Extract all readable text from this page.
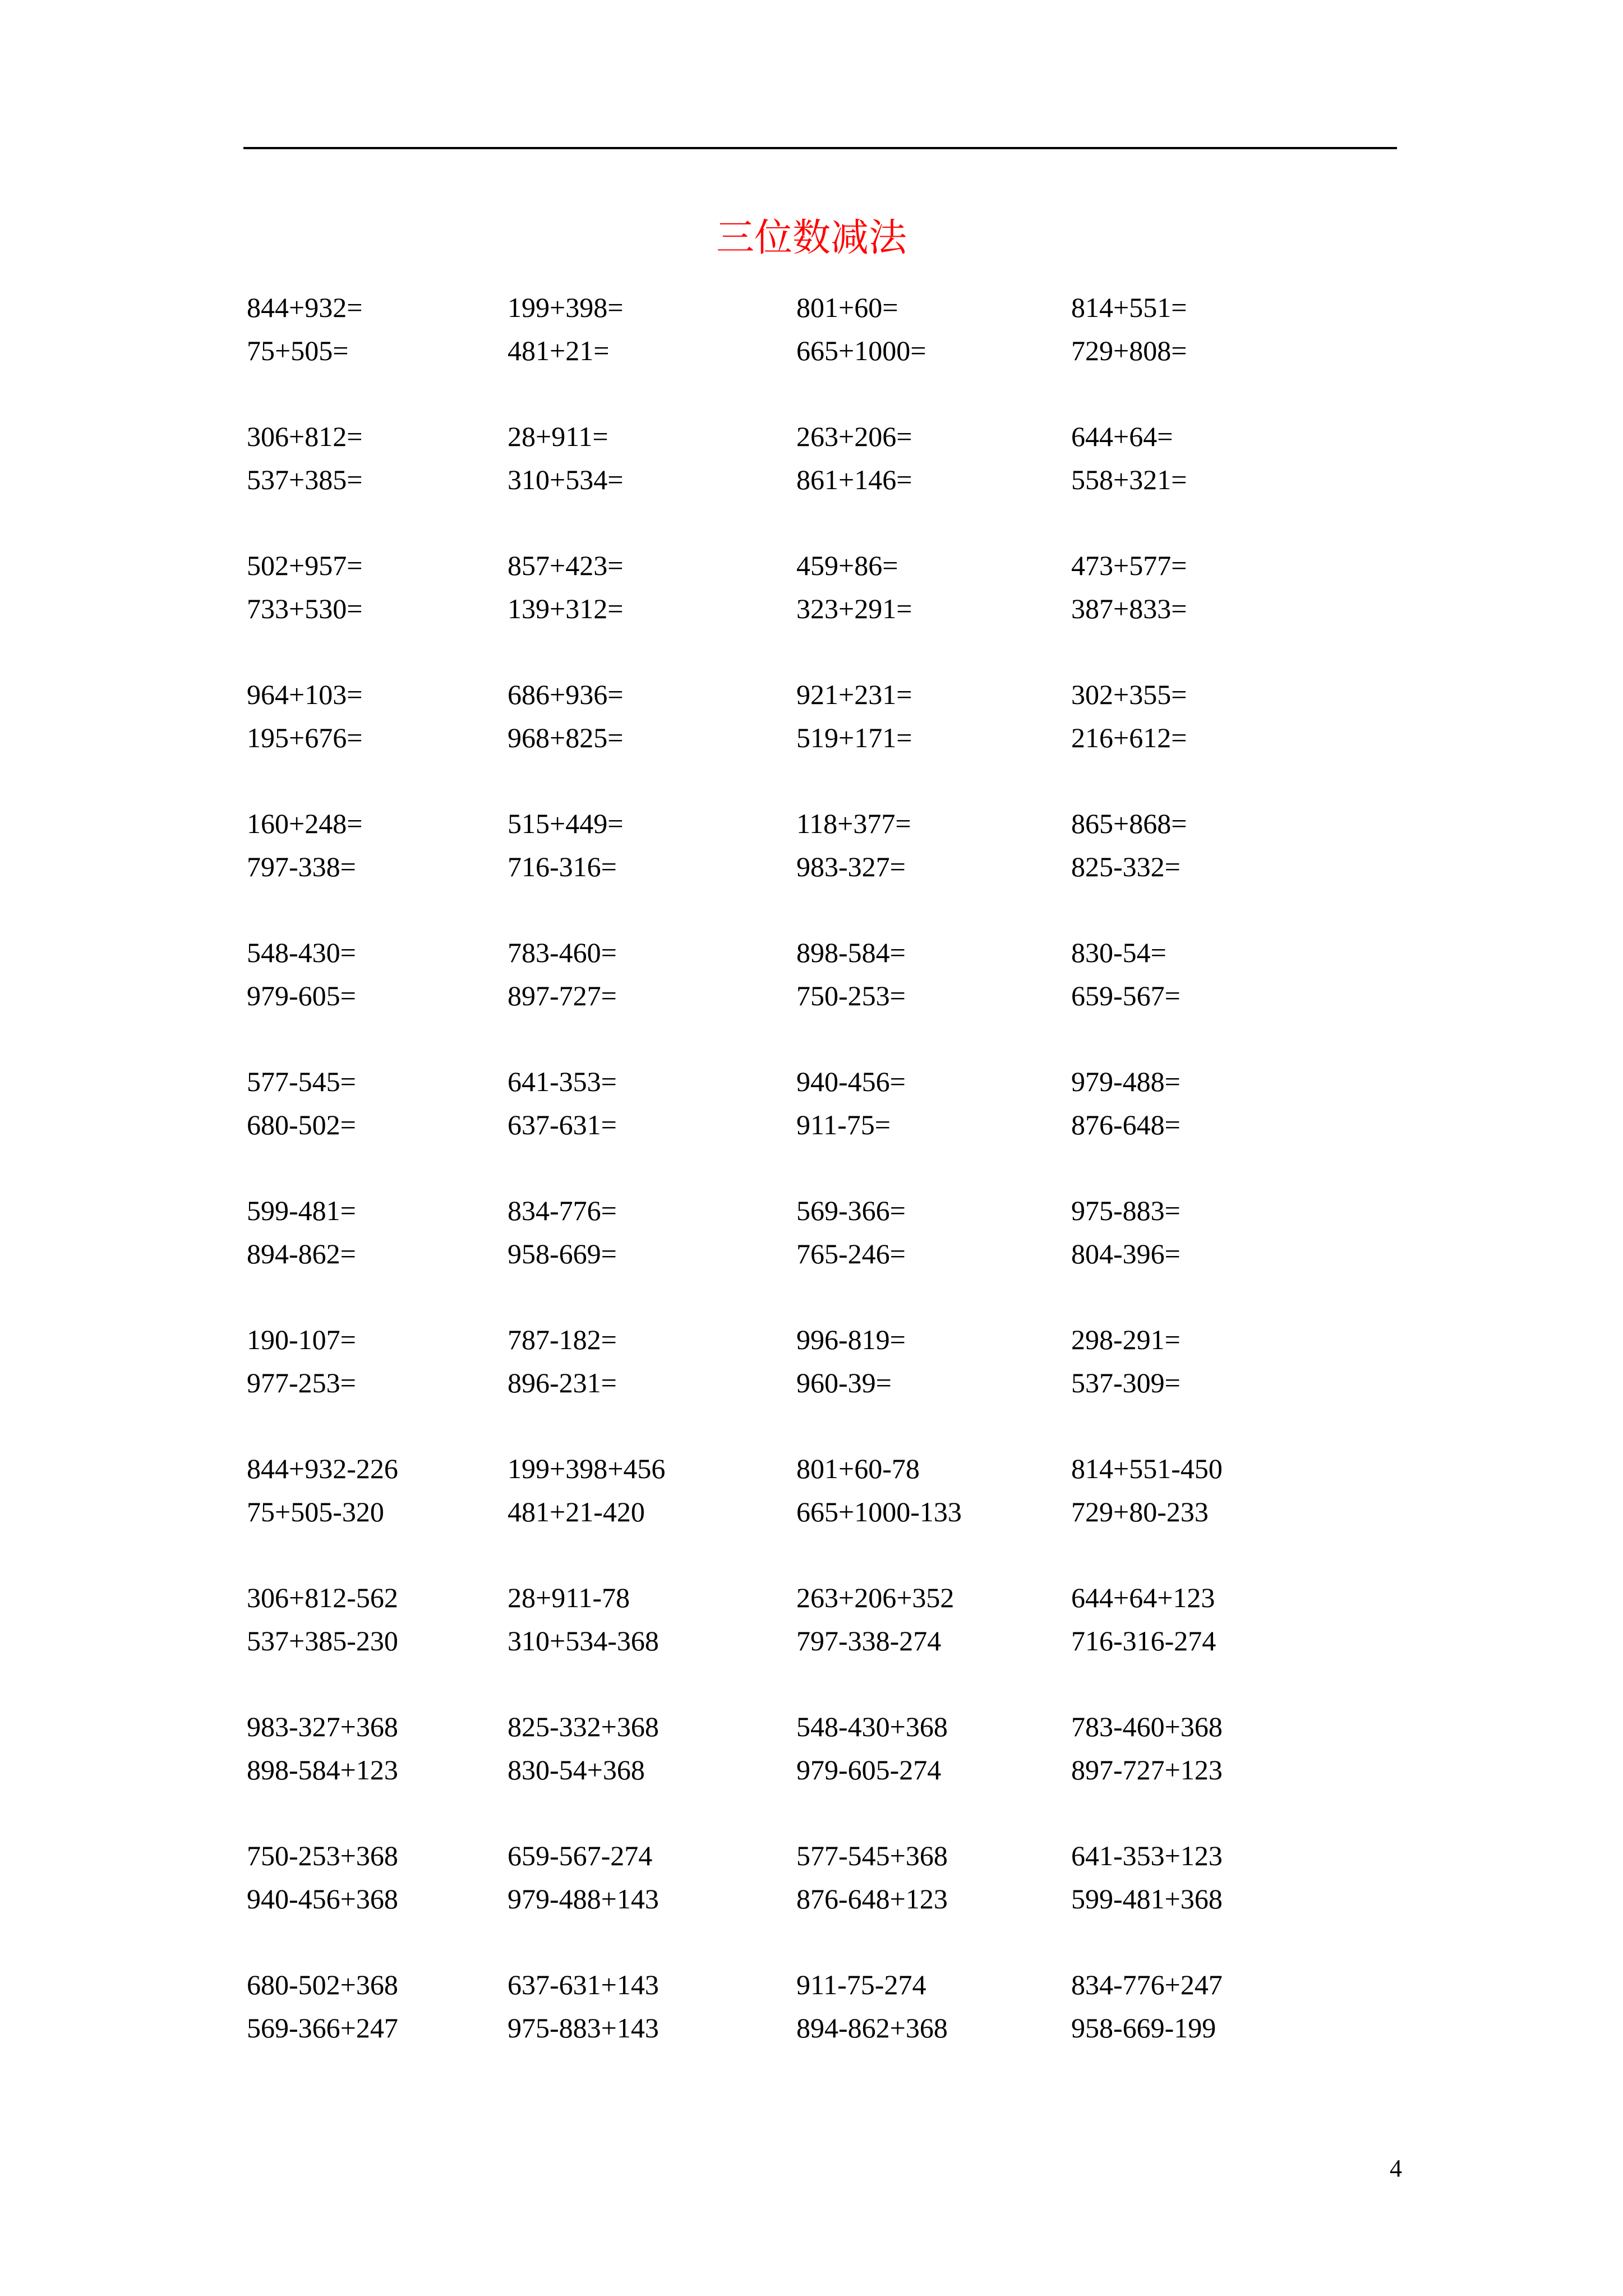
三位数减法
844+932=	199+398=	801+60=	814+551=
75+505=	481+21=	665+1000=	729+808=
306+812=	28+911=	263+206=	644+64=
537+385=	310+534=	861+146=	558+321=
502+957=	857+423=	459+86=	473+577=
733+530=	139+312=	323+291=	387+833=
964+103=	686+936=	921+231=	302+355=
195+676=	968+825=	519+171=	216+612=
160+248=	515+449=	118+377=	865+868=
797-338=	716-316=	983-327=	825-332=
548-430=	783-460=	898-584=	830-54=
979-605=	897-727=	750-253=	659-567=
577-545=	641-353=	940-456=	979-488=
680-502=	637-631=	911-75=	876-648=
599-481=	834-776=	569-366=	975-883=
894-862=	958-669=	765-246=	804-396=
190-107=	787-182=	996-819=	298-291=
977-253=	896-231=	960-39=	537-309=
844+932-226	199+398+456	801+60-78	814+551-450
75+505-320	481+21-420	665+1000-133	729+80-233
306+812-562	28+911-78	263+206+352	644+64+123
537+385-230	310+534-368	797-338-274	716-316-274
983-327+368	825-332+368	548-430+368	783-460+368
898-584+123	830-54+368	979-605-274	897-727+123
750-253+368	659-567-274	577-545+368	641-353+123
940-456+368	979-488+143	876-648+123	599-481+368
680-502+368	637-631+143	911-75-274	834-776+247
569-366+247	975-883+143	894-862+368	958-669-199
4
